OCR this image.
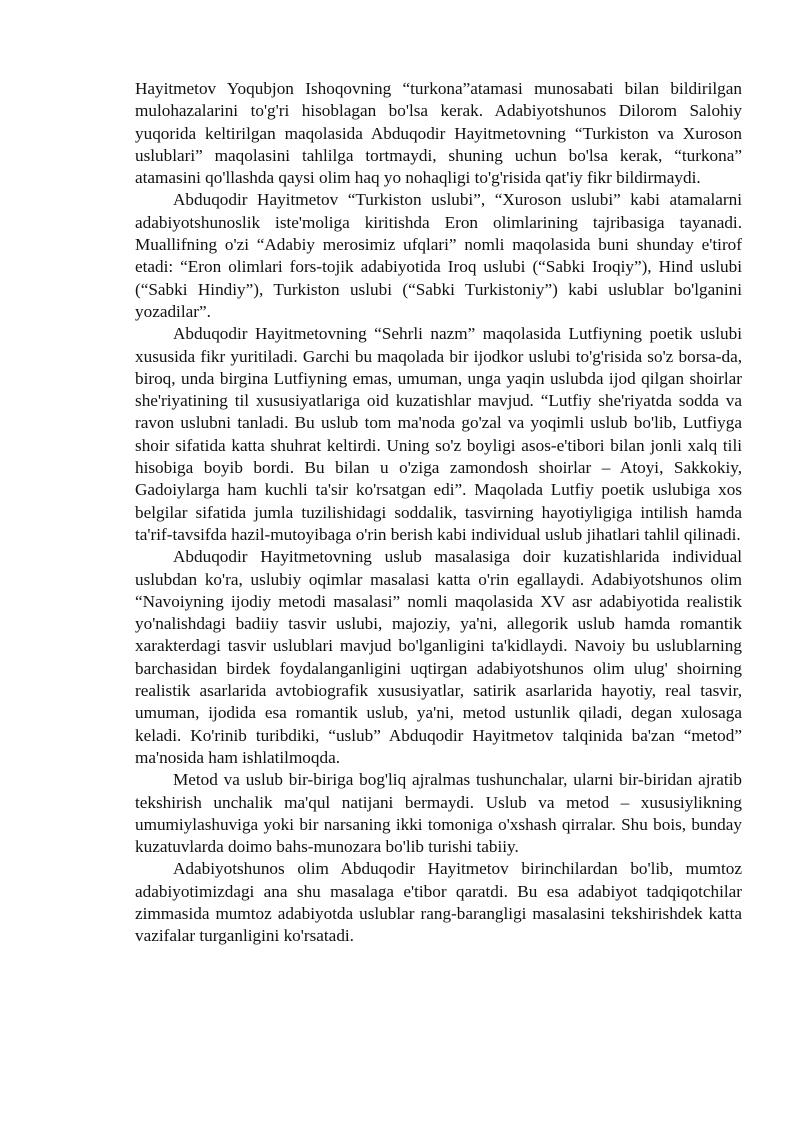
Hayitmetov Yoqubjon Ishoqovning “turkona”atamasi munosabati bilan bildirilgan mulohazalarini to'g'ri hisoblagan bo'lsa kerak. Adabiyotshunos Dilorom Salohiy yuqorida keltirilgan maqolasida Abduqodir Hayitmetovning “Turkiston va Xuroson uslublari” maqolasini tahlilga tortmaydi, shuning uchun bo'lsa kerak, “turkona” atamasini qo'llashda qaysi olim haq yo nohaqligi to'g'risida qat'iy fikr bildirmaydi.

Abduqodir Hayitmetov “Turkiston uslubi”, “Xuroson uslubi” kabi atamalarni adabiyotshunoslik iste'moliga kiritishda Eron olimlarining tajribasiga tayanadi. Muallifning o'zi “Adabiy merosimiz ufqlari” nomli maqolasida buni shunday e'tirof etadi: “Eron olimlari fors-tojik adabiyotida Iroq uslubi (“Sabki Iroqiy”), Hind uslubi (“Sabki Hindiy”), Turkiston uslubi (“Sabki Turkistoniy”) kabi uslublar bo'lganini yozadilar”.

Abduqodir Hayitmetovning “Sehrli nazm” maqolasida Lutfiyning poetik uslubi xususida fikr yuritiladi. Garchi bu maqolada bir ijodkor uslubi to'g'risida so'z borsa-da, biroq, unda birgina Lutfiyning emas, umuman, unga yaqin uslubda ijod qilgan shoirlar she'riyatining til xususiyatlariga oid kuzatishlar mavjud. “Lutfiy she'riyatda sodda va ravon uslubni tanladi. Bu uslub tom ma'noda go'zal va yoqimli uslub bo'lib, Lutfiyga shoir sifatida katta shuhrat keltirdi. Uning so'z boyligi asos-e'tibori bilan jonli xalq tili hisobiga boyib bordi. Bu bilan u o'ziga zamondosh shoirlar – Atoyi, Sakkokiy, Gadoiylarga ham kuchli ta'sir ko'rsatgan edi”. Maqolada Lutfiy poetik uslubiga xos belgilar sifatida jumla tuzilishidagi soddalik, tasvirning hayotiyligiga intilish hamda ta'rif-tavsifda hazil-mutoyibaga o'rin berish kabi individual uslub jihatlari tahlil qilinadi.

Abduqodir Hayitmetovning uslub masalasiga doir kuzatishlarida individual uslubdan ko'ra, uslubiy oqimlar masalasi katta o'rin egallaydi. Adabiyotshunos olim “Navoiyning ijodiy metodi masalasi” nomli maqolasida XV asr adabiyotida realistik yo'nalishdagi badiiy tasvir uslubi, majoziy, ya'ni, allegorik uslub hamda romantik xarakterdagi tasvir uslublari mavjud bo'lganligini ta'kidlaydi. Navoiy bu uslublarning barchasidan birdek foydalanganligini uqtirgan adabiyotshunos olim ulug' shoirning realistik asarlarida avtobiografik xususiyatlar, satirik asarlarida hayotiy, real tasvir, umuman, ijodida esa romantik uslub, ya'ni, metod ustunlik qiladi, degan xulosaga keladi. Ko'rinib turibdiki, “uslub” Abduqodir Hayitmetov talqinida ba'zan “metod” ma'nosida ham ishlatilmoqda.

Metod va uslub bir-biriga bog'liq ajralmas tushunchalar, ularni bir-biridan ajratib tekshirish unchalik ma'qul natijani bermaydi. Uslub va metod – xususiylikning umumiylashuviga yoki bir narsaning ikki tomoniga o'xshash qirralar. Shu bois, bunday kuzatuvlarda doimo bahs-munozara bo'lib turishi tabiiy.

Adabiyotshunos olim Abduqodir Hayitmetov birinchilardan bo'lib, mumtoz adabiyotimizdagi ana shu masalaga e'tibor qaratdi. Bu esa adabiyot tadqiqotchilar zimmasida mumtoz adabiyotda uslublar rang-barangligi masalasini tekshirishdek katta vazifalar turganligini ko'rsatadi.
